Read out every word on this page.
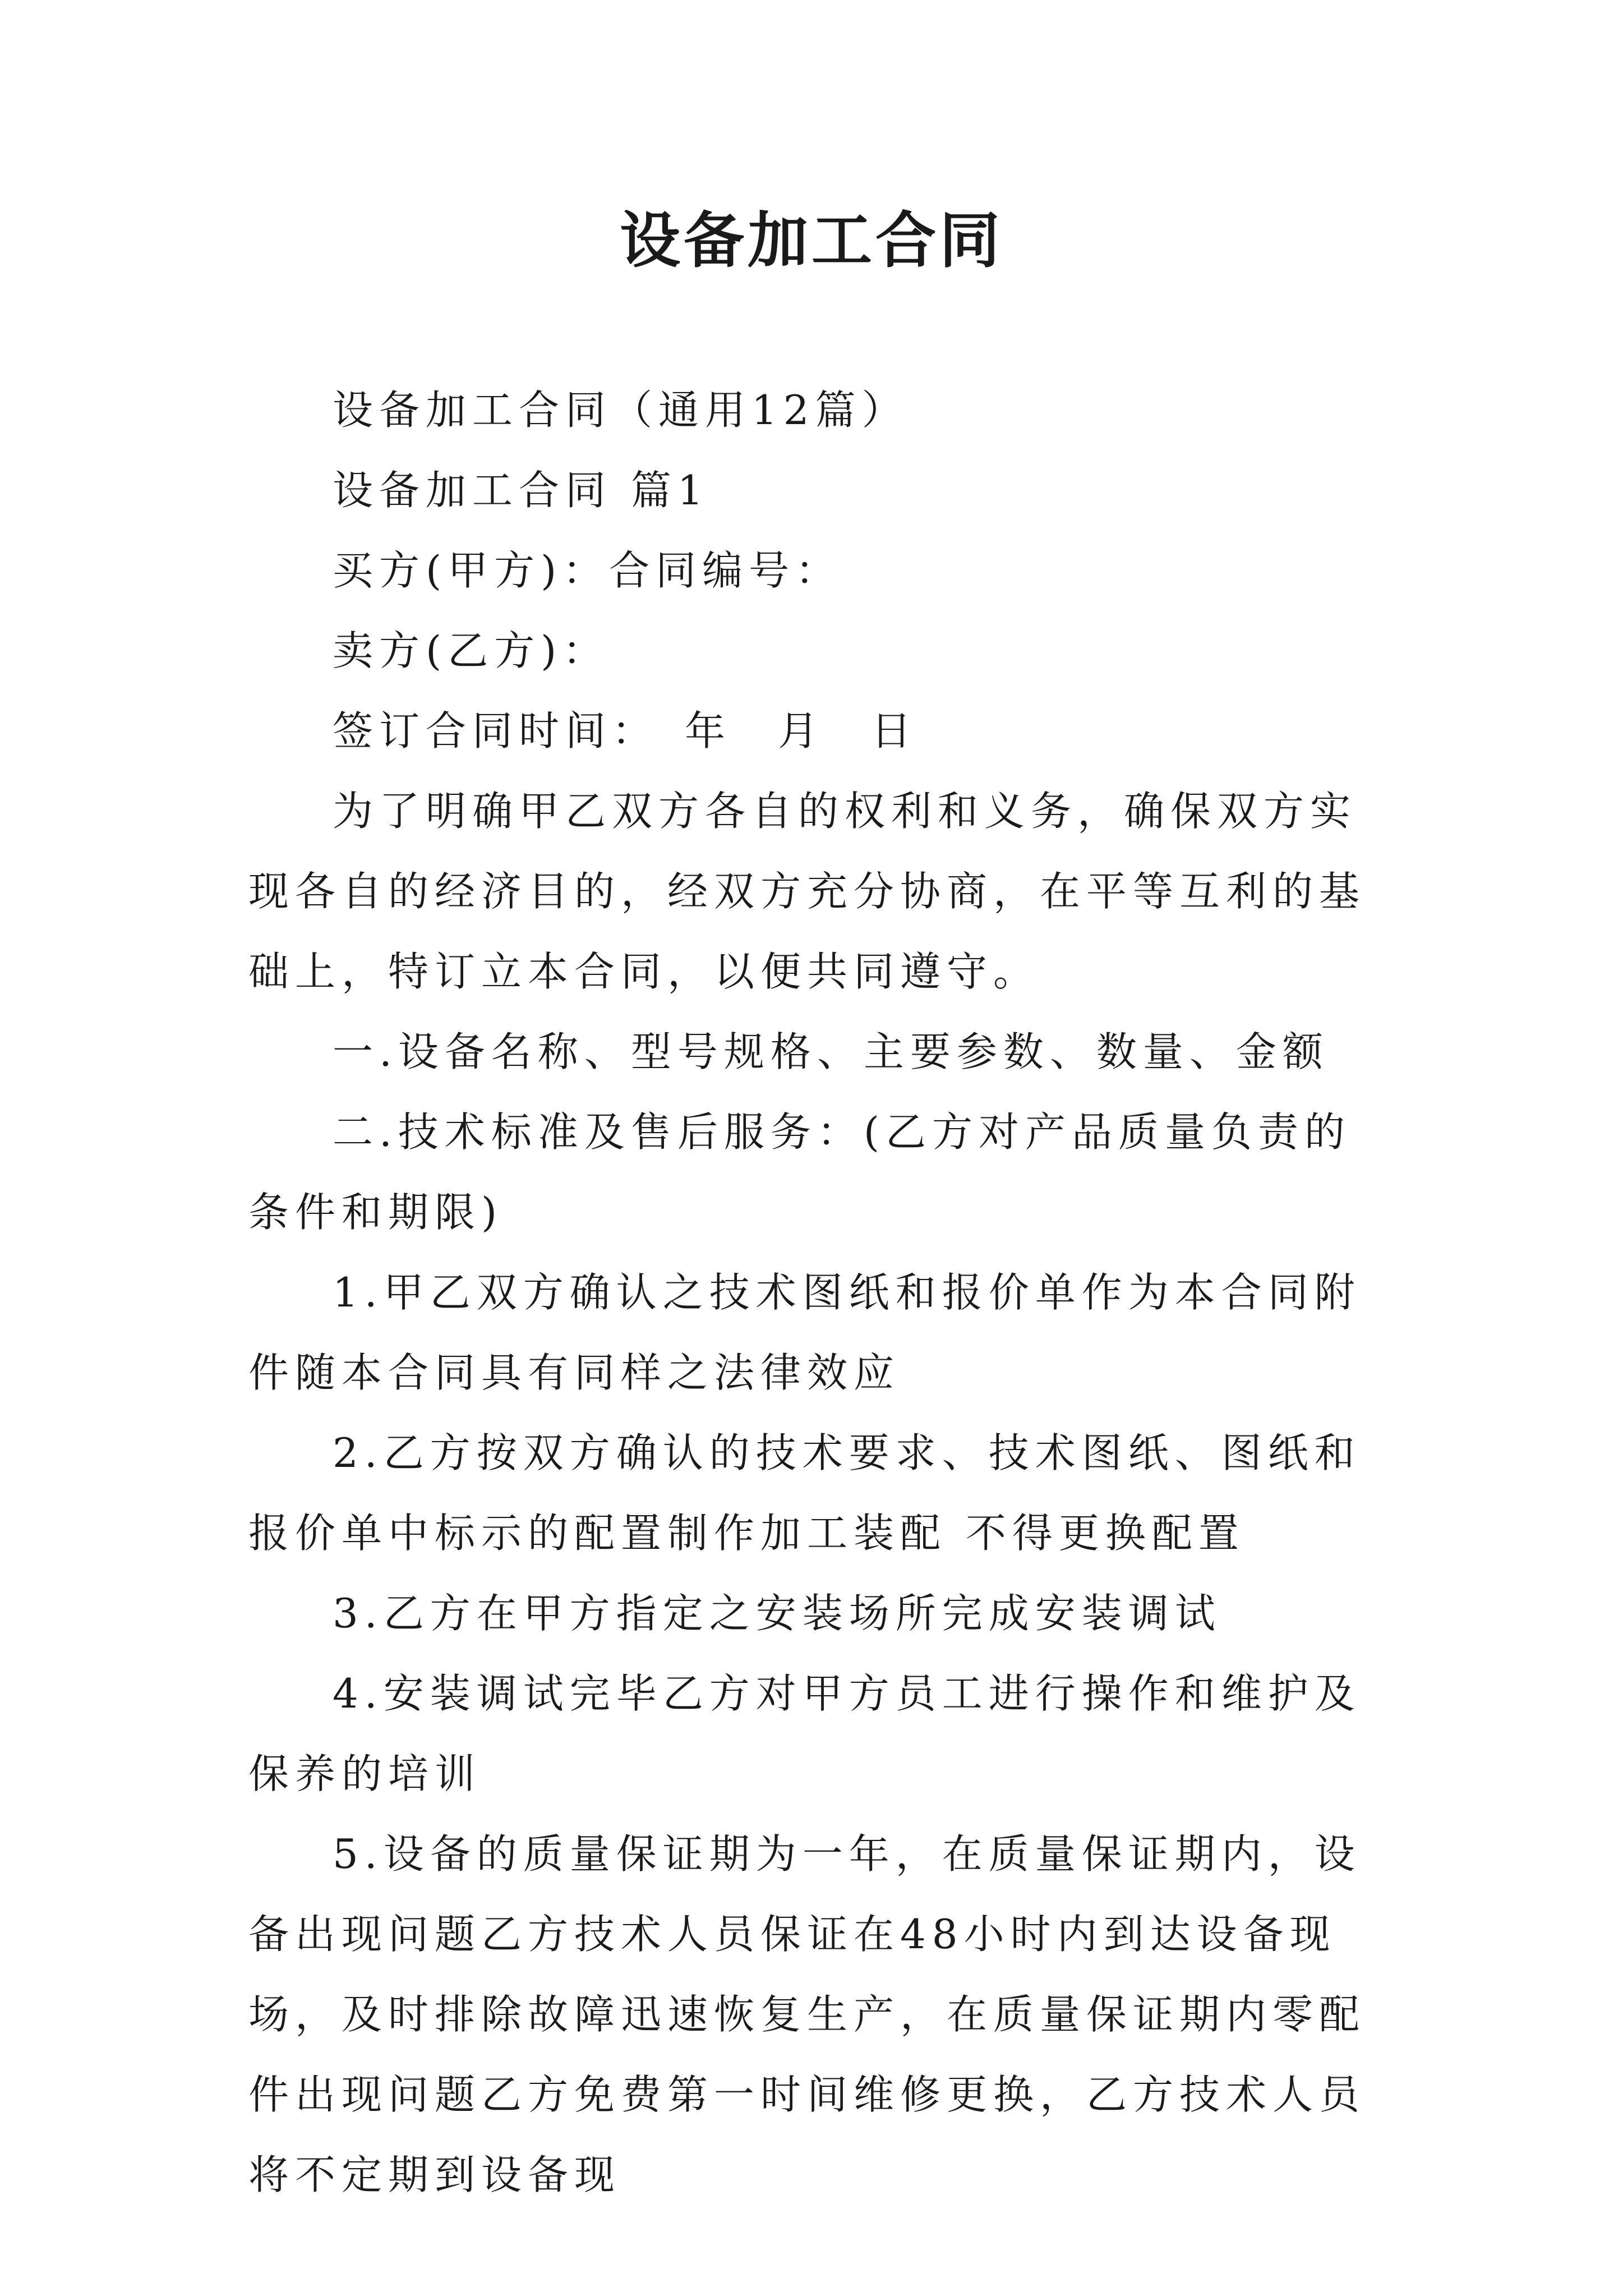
设备加工合同

设备加工合同（通用12篇）

设备加工合同 篇1

买方(甲方)：合同编号：

卖方(乙方)：

签订合同时间：　年　月　日

为了明确甲乙双方各自的权利和义务，确保双方实现各自的经济目的，经双方充分协商，在平等互利的基础上，特订立本合同，以便共同遵守。

一.设备名称、型号规格、主要参数、数量、金额

二.技术标准及售后服务：(乙方对产品质量负责的条件和期限)

1.甲乙双方确认之技术图纸和报价单作为本合同附件随本合同具有同样之法律效应

2.乙方按双方确认的技术要求、技术图纸、图纸和报价单中标示的配置制作加工装配 不得更换配置

3.乙方在甲方指定之安装场所完成安装调试

4.安装调试完毕乙方对甲方员工进行操作和维护及保养的培训

5.设备的质量保证期为一年，在质量保证期内，设备出现问题乙方技术人员保证在48小时内到达设备现场，及时排除故障迅速恢复生产，在质量保证期内零配件出现问题乙方免费第一时间维修更换，乙方技术人员将不定期到设备现
